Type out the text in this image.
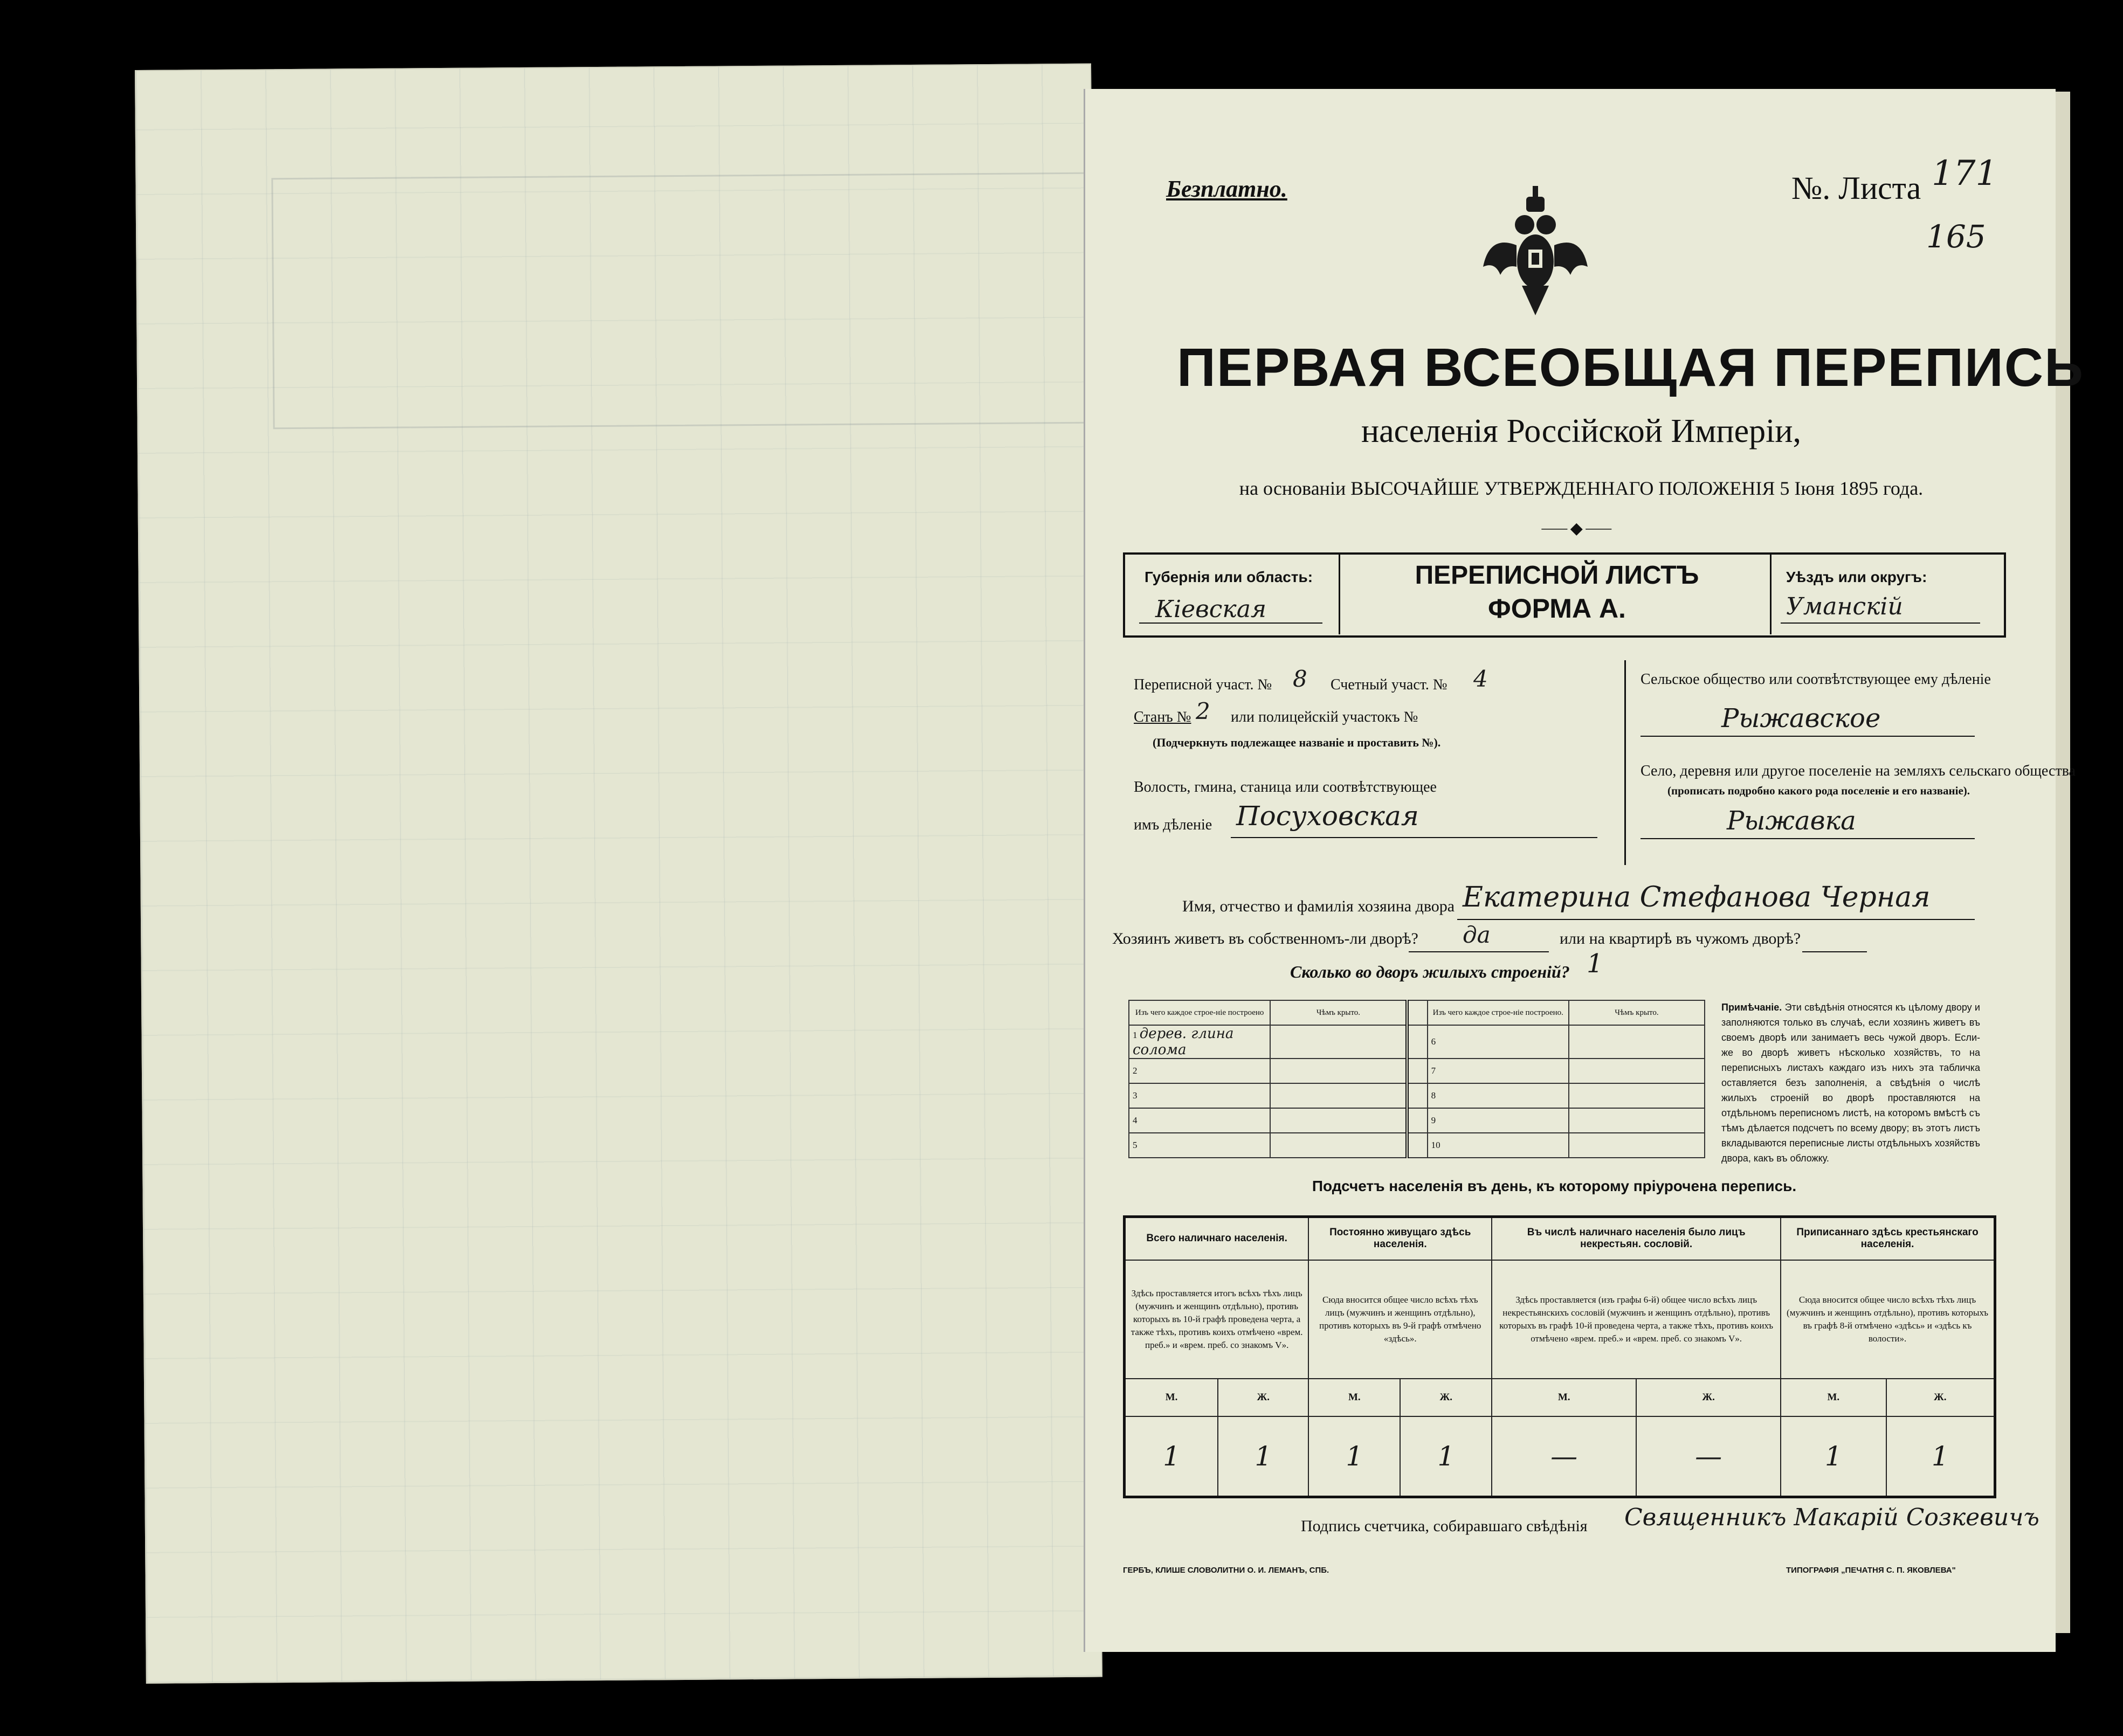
Безплатно.	№. Листа 171
165
ПЕРВАЯ ВСЕОБЩАЯ ПЕРЕПИСЬ
населенія Россійской Имперіи,
на основаніи ВЫСОЧАЙШЕ УТВЕРЖДЕННАГО ПОЛОЖЕНІЯ 5 Іюня 1895 года.
⸺◆⸺
Губернія или область:
Кіевская
ПЕРЕПИСНОЙ ЛИСТЪ
ФОРМА А.
Уѣздъ или округъ:
Уманскій
Переписной участ. № 8 Счетный участ. № 4
Станъ № 2 или полицейскій участокъ №
(Подчеркнуть подлежащее названіе и проставить №).
Волость, гмина, станица или соотвѣтствующее
имъ дѣленіе Посуховская
Сельское общество или соотвѣтствующее ему дѣленіе
Рыжавское
Село, деревня или другое поселеніе на земляхъ сельскаго общества
(прописать подробно какого рода поселеніе и его названіе).
Рыжавка
Имя, отчество и фамилія хозяина двора Екатерина Стефанова Черная
Хозяинъ живетъ въ собственномъ-ли дворѣ? да	или на квартирѣ въ чужомъ дворѣ?
Сколько во дворъ жилыхъ строеній? 1
Изъ чего каждое строе-ніе построено	Чѣмъ крыто.		Изъ чего каждое строе-ніе построено.	Чѣмъ крыто.
1 дерев. глина солома			6	
2			7	
3			8	
4			9	
5			10	
Примѣчаніе. Эти свѣдѣнія относятся къ цѣлому двору и заполняются только въ случаѣ, если хозяинъ живетъ въ своемъ дворѣ или занимаетъ весь чужой дворъ. Если-же во дворѣ живетъ нѣсколько хозяйствъ, то на переписныхъ листахъ каждаго изъ нихъ эта табличка оставляется безъ заполненія, а свѣдѣнія о числѣ жилыхъ строеній во дворѣ проставляются на отдѣльномъ переписномъ листѣ, на которомъ вмѣстѣ съ тѣмъ дѣлается подсчетъ по всему двору; въ этотъ листъ вкладываются переписные листы отдѣльныхъ хозяйствъ двора, какъ въ обложку.
Подсчетъ населенія въ день, къ которому пріурочена перепись.
Всего наличнаго населенія.		Постоянно живущаго здѣсь населенія.		Въ числѣ наличнаго населенія было лицъ некрестьян. сословій.		Приписаннаго здѣсь крестьянскаго населенія.	
Здѣсь проставляется итогъ всѣхъ тѣхъ лицъ (мужчинъ и женщинъ отдѣльно), противъ которыхъ въ 10-й графѣ проведена черта, а также тѣхъ, противъ коихъ отмѣчено «врем. преб.» и «врем. преб. со знакомъ V».		Сюда вносится общее число всѣхъ тѣхъ лицъ (мужчинъ и женщинъ отдѣльно), противъ которыхъ въ 9-й графѣ отмѣчено «здѣсь».		Здѣсь проставляется (изъ графы 6-й) общее число всѣхъ лицъ некрестьянскихъ сословій (мужчинъ и женщинъ отдѣльно), противъ которыхъ въ графѣ 10-й проведена черта, а также тѣхъ, противъ коихъ отмѣчено «врем. преб.» и «врем. преб. со знакомъ V».		Сюда вносится общее число всѣхъ тѣхъ лицъ (мужчинъ и женщинъ отдѣльно), противъ которыхъ въ графѣ 8-й отмѣчено «здѣсь» и «здѣсь къ волости».	
М.	Ж.	М.	Ж.	М.	Ж.	М.	Ж.
1	1	1	1	—	—	1	1
Подпись счетчика, собиравшаго свѣдѣнія Священникъ Макарій Созкевичъ
ГЕРБЪ, КЛИШЕ СЛОВОЛИТНИ О. И. ЛЕМАНЪ, СПБ.	ТИПОГРАФІЯ „ПЕЧАТНЯ С. П. ЯКОВЛЕВА"
